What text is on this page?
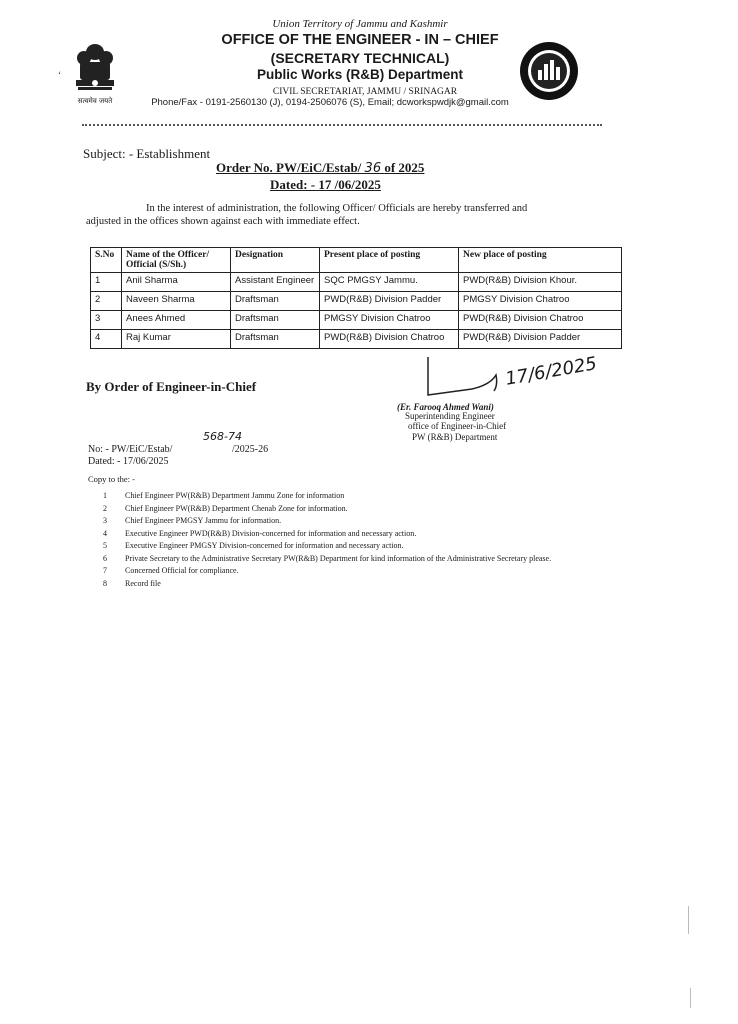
सत्यमेव जयते
‘
Union Territory of Jammu and Kashmir
OFFICE OF THE ENGINEER - IN – CHIEF
(SECRETARY TECHNICAL)
Public Works (R&B) Department
CIVIL SECRETARIAT, JAMMU / SRINAGAR
Phone/Fax - 0191-2560130 (J), 0194-2506076 (S), Email; dcworkspwdjk@gmail.com
Subject: - Establishment
Order No. PW/EiC/Estab/ 36 of 2025
Dated: - 17 /06/2025
In the interest of administration, the following Officer/ Officials are hereby transferred and
adjusted in the offices shown against each with immediate effect.
S.No	Name of the Officer/ Official (S/Sh.)	Designation	Present place of posting	New place of posting
1	Anil Sharma	Assistant Engineer	SQC PMGSY Jammu.	PWD(R&B) Division Khour.
2	Naveen Sharma	Draftsman	PWD(R&B) Division Padder	PMGSY Division Chatroo
3	Anees Ahmed	Draftsman	PMGSY Division Chatroo	PWD(R&B) Division Chatroo
4	Raj Kumar	Draftsman	PWD(R&B) Division Chatroo	PWD(R&B) Division Padder
By Order of Engineer-in-Chief	17/6/2025
(Er. Farooq Ahmed Wani)
Superintending Engineer
office of Engineer-in-Chief
PW (R&B) Department
568-74
No: - PW/EiC/Estab/	/2025-26
Dated: - 17/06/2025
Copy to the: -
1 Chief Engineer PW(R&B) Department Jammu Zone for information
2 Chief Engineer PW(R&B) Department Chenab Zone for information.
3 Chief Engineer PMGSY Jammu for information.
4 Executive Engineer PWD(R&B) Division-concerned for information and necessary action.
5 Executive Engineer PMGSY Division-concerned for information and necessary action.
6 Private Secretary to the Administrative Secretary PW(R&B) Department for kind information of the Administrative Secretary please.
7 Concerned Official for compliance.
8 Record file
